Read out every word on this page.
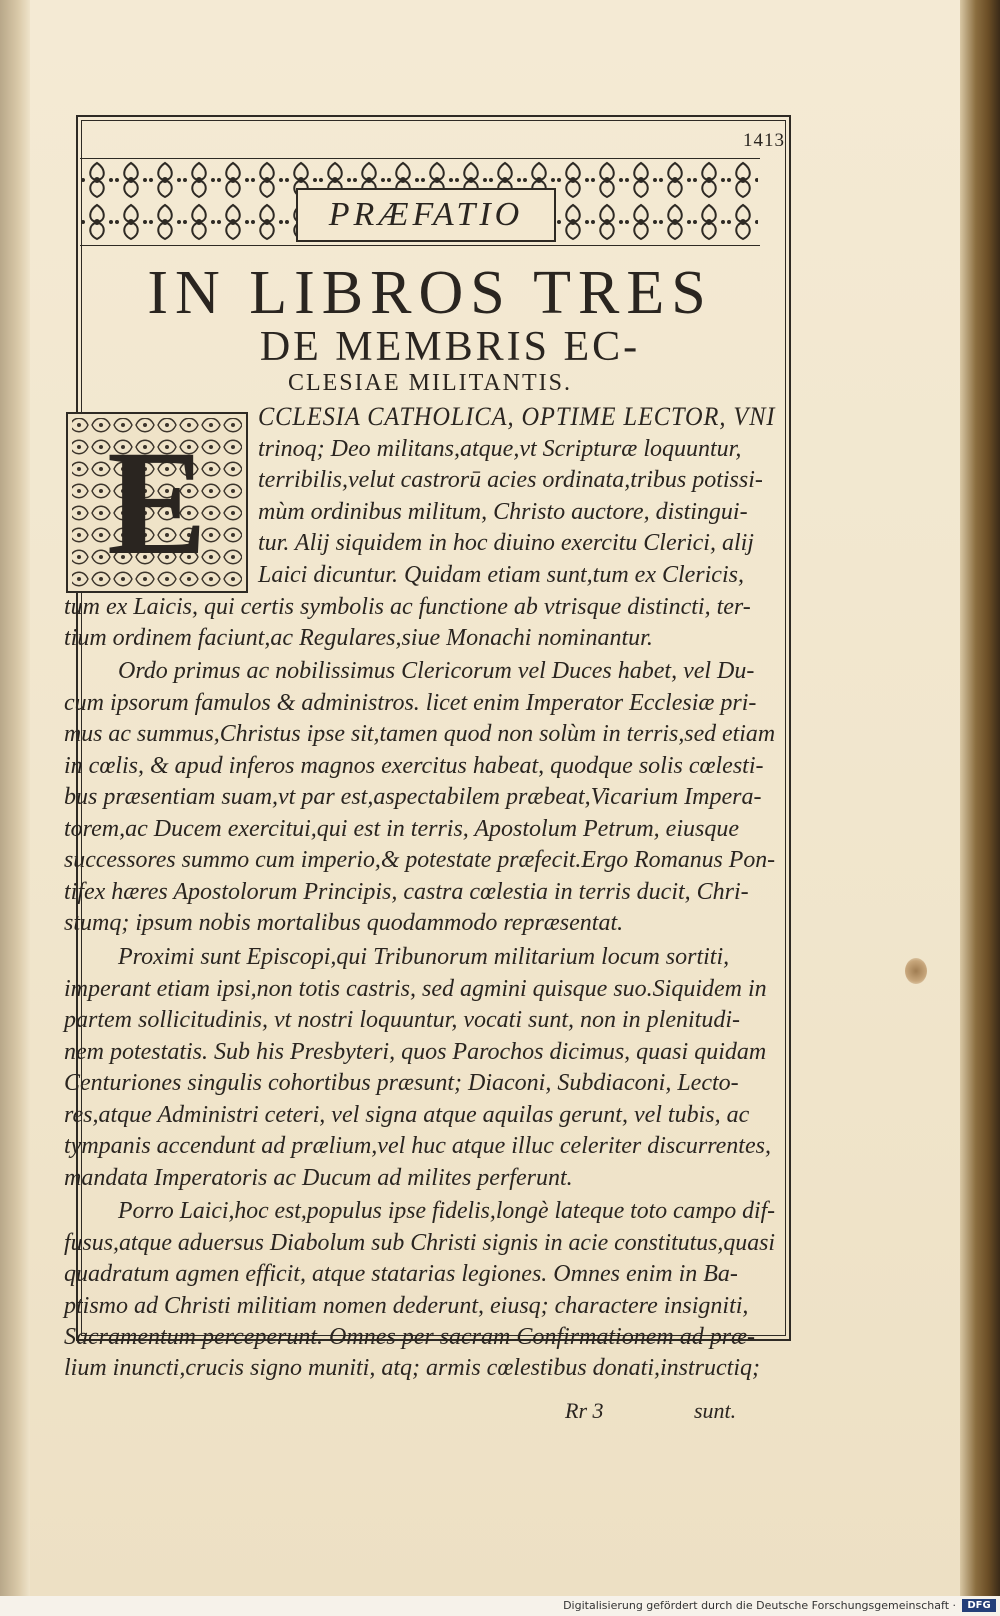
1413
PRÆFATIO
IN LIBROS TRES
DE MEMBRIS EC-
CLESIAE MILITANTIS.
E
CCLESIA CATHOLICA, OPTIME LECTOR, VNI
trinoq; Deo militans,atque,vt Scripturæ loquuntur,
terribilis,velut castrorū acies ordinata,tribus potissi-
mùm ordinibus militum, Christo auctore, distingui-
tur. Alij siquidem in hoc diuino exercitu Clerici, alij
Laici dicuntur. Quidam etiam sunt,tum ex Clericis,
tum ex Laicis, qui certis symbolis ac functione ab vtrisque distincti, ter-
tium ordinem faciunt,ac Regulares,siue Monachi nominantur.
Ordo primus ac nobilissimus Clericorum vel Duces habet, vel Du-
cum ipsorum famulos & administros. licet enim Imperator Ecclesiæ pri-
mus ac summus,Christus ipse sit,tamen quod non solùm in terris,sed etiam
in cœlis, & apud inferos magnos exercitus habeat, quodque solis cœlesti-
bus præsentiam suam,vt par est,aspectabilem præbeat,Vicarium Impera-
torem,ac Ducem exercitui,qui est in terris, Apostolum Petrum, eiusque
successores summo cum imperio,& potestate præfecit.Ergo Romanus Pon-
tifex hæres Apostolorum Principis, castra cœlestia in terris ducit, Chri-
stumq; ipsum nobis mortalibus quodammodo repræsentat.
Proximi sunt Episcopi,qui Tribunorum militarium locum sortiti,
imperant etiam ipsi,non totis castris, sed agmini quisque suo.Siquidem in
partem sollicitudinis, vt nostri loquuntur, vocati sunt, non in plenitudi-
nem potestatis. Sub his Presbyteri, quos Parochos dicimus, quasi quidam
Centuriones singulis cohortibus præsunt; Diaconi, Subdiaconi, Lecto-
res,atque Administri ceteri, vel signa atque aquilas gerunt, vel tubis, ac
tympanis accendunt ad prælium,vel huc atque illuc celeriter discurrentes,
mandata Imperatoris ac Ducum ad milites perferunt.
Porro Laici,hoc est,populus ipse fidelis,longè lateque toto campo dif-
fusus,atque aduersus Diabolum sub Christi signis in acie constitutus,quasi
quadratum agmen efficit, atque statarias legiones. Omnes enim in Ba-
ptismo ad Christi militiam nomen dederunt, eiusq; charactere insigniti,
Sacramentum perceperunt. Omnes per sacram Confirmationem ad præ-
lium inuncti,crucis signo muniti, atq; armis cœlestibus donati,instructiq;
Rr 3	sunt.
Digitalisierung gefördert durch die Deutsche Forschungsgemeinschaft ·	DFG
